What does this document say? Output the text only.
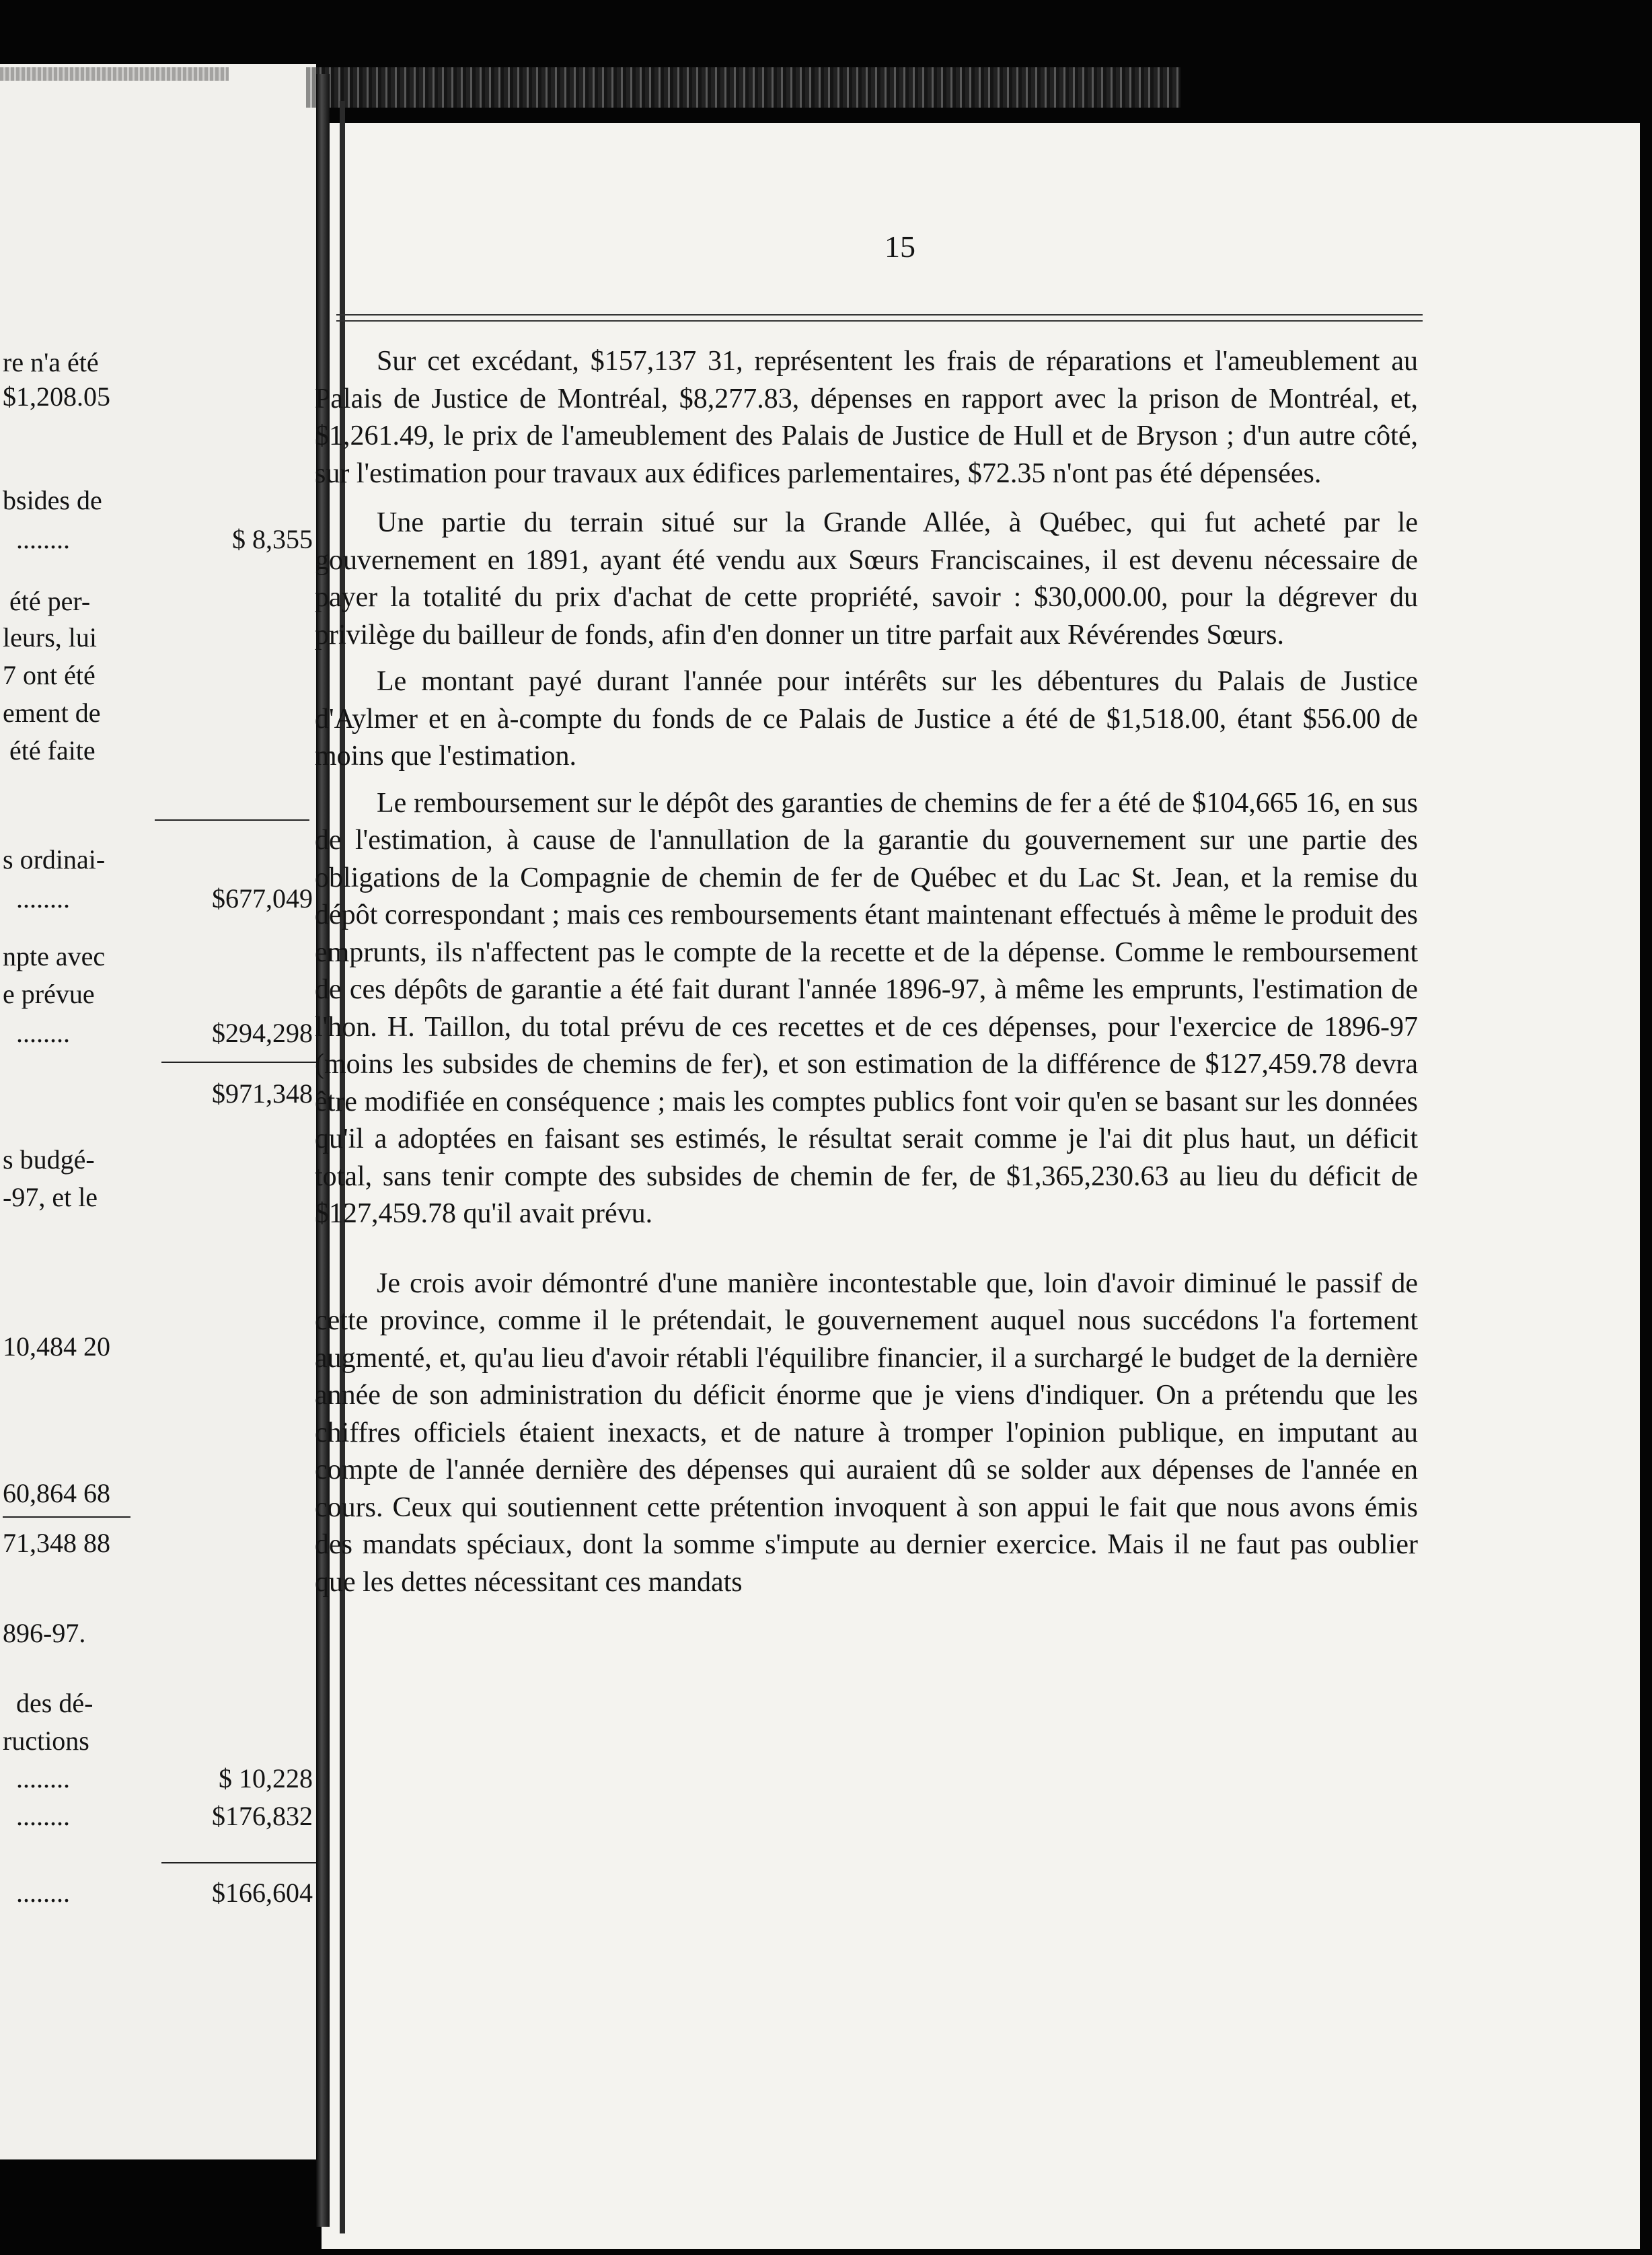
re n'a été
$1,208.05
bsides de
........	$ 8,355
été per-
leurs, lui
7 ont été
ement de
été faite
s ordinai-
........	$677,049
npte avec
e prévue
........	$294,298
$971,348
s budgé-
-97, et le
10,484 20
60,864 68
71,348 88
896-97.
des dé-
ructions
........	$ 10,228
........	$176,832
........	$166,604
15

Sur cet excédant, $157,137 31, représentent les frais de réparations et l'ameublement au Palais de Justice de Montréal, $8,277.83, dépenses en rapport avec la prison de Montréal, et, $1,261.49, le prix de l'ameublement des Palais de Justice de Hull et de Bryson ; d'un autre côté, sur l'estimation pour travaux aux édifices parlementaires, $72.35 n'ont pas été dépensées.

Une partie du terrain situé sur la Grande Allée, à Québec, qui fut acheté par le gouvernement en 1891, ayant été vendu aux Sœurs Franciscaines, il est devenu nécessaire de payer la totalité du prix d'achat de cette propriété, savoir : $30,000.00, pour la dégrever du privilège du bailleur de fonds, afin d'en donner un titre parfait aux Révérendes Sœurs.

Le montant payé durant l'année pour intérêts sur les débentures du Palais de Justice d'Aylmer et en à-compte du fonds de ce Palais de Justice a été de $1,518.00, étant $56.00 de moins que l'estimation.

Le remboursement sur le dépôt des garanties de chemins de fer a été de $104,665 16, en sus de l'estimation, à cause de l'annullation de la garantie du gouvernement sur une partie des obligations de la Compagnie de chemin de fer de Québec et du Lac St. Jean, et la remise du dépôt correspondant ; mais ces remboursements étant maintenant effectués à même le produit des emprunts, ils n'affectent pas le compte de la recette et de la dépense. Comme le remboursement de ces dépôts de garantie a été fait durant l'année 1896-97, à même les emprunts, l'estimation de l'hon. H. Taillon, du total prévu de ces recettes et de ces dépenses, pour l'exercice de 1896-97 (moins les subsides de chemins de fer), et son estimation de la différence de $127,459.78 devra être modifiée en conséquence ; mais les comptes publics font voir qu'en se basant sur les données qu'il a adoptées en faisant ses estimés, le résultat serait comme je l'ai dit plus haut, un déficit total, sans tenir compte des subsides de chemin de fer, de $1,365,230.63 au lieu du déficit de $127,459.78 qu'il avait prévu.

Je crois avoir démontré d'une manière incontestable que, loin d'avoir diminué le passif de cette province, comme il le prétendait, le gouvernement auquel nous succédons l'a fortement augmenté, et, qu'au lieu d'avoir rétabli l'équilibre financier, il a surchargé le budget de la dernière année de son administration du déficit énorme que je viens d'indiquer. On a prétendu que les chiffres officiels étaient inexacts, et de nature à tromper l'opinion publique, en imputant au compte de l'année dernière des dépenses qui auraient dû se solder aux dépenses de l'année en cours. Ceux qui soutiennent cette prétention invoquent à son appui le fait que nous avons émis des mandats spéciaux, dont la somme s'impute au dernier exercice. Mais il ne faut pas oublier que les dettes nécessitant ces mandats
